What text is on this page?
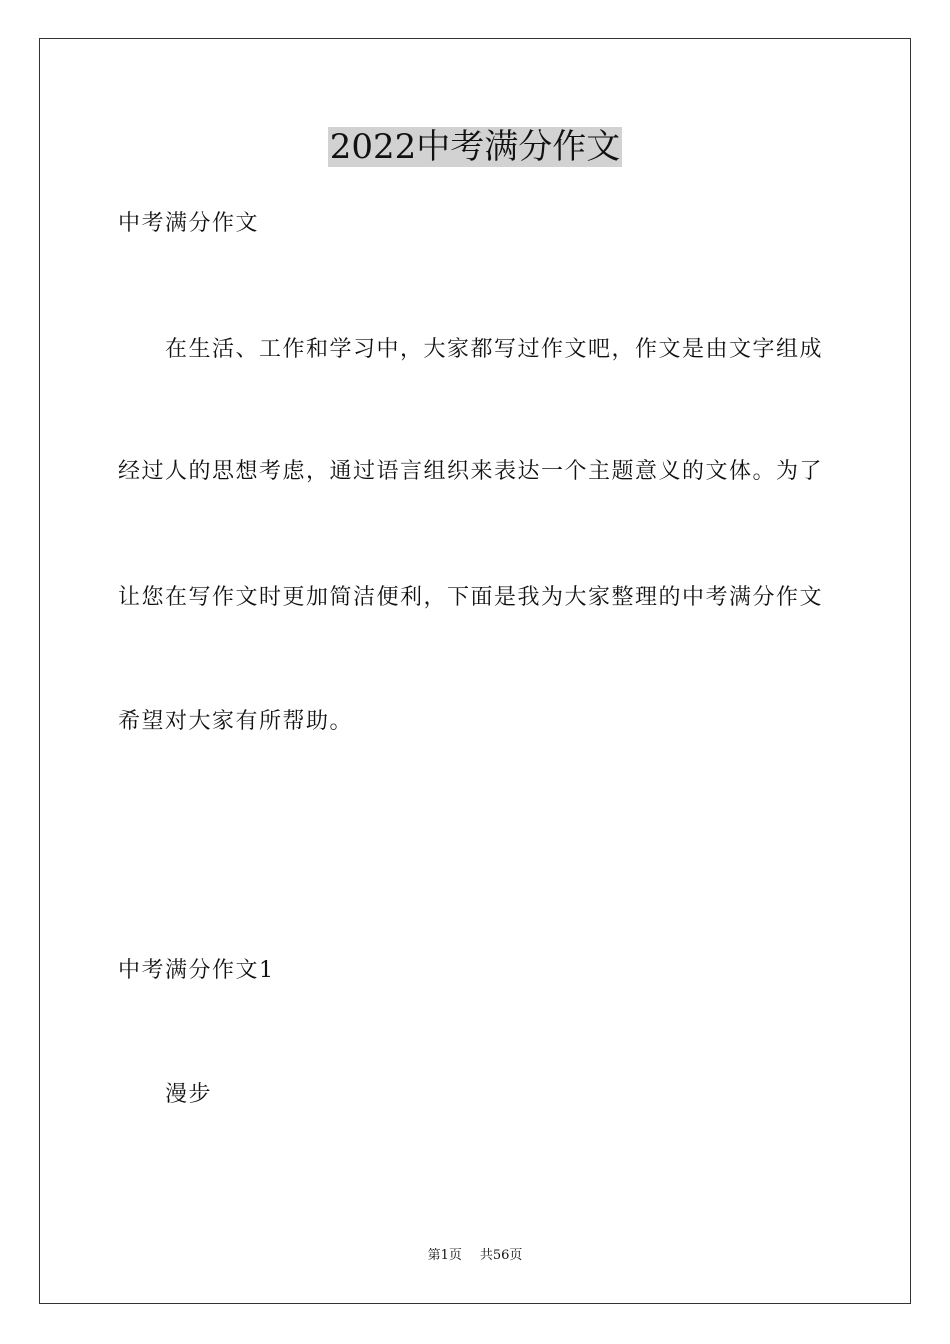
2022中考满分作文

中考满分作文

在生活、工作和学习中，大家都写过作文吧，作文是由文字组成

经过人的思想考虑，通过语言组织来表达一个主题意义的文体。为了

让您在写作文时更加简洁便利，下面是我为大家整理的中考满分作文

希望对大家有所帮助。

中考满分作文1

漫步

第1页 共56页
